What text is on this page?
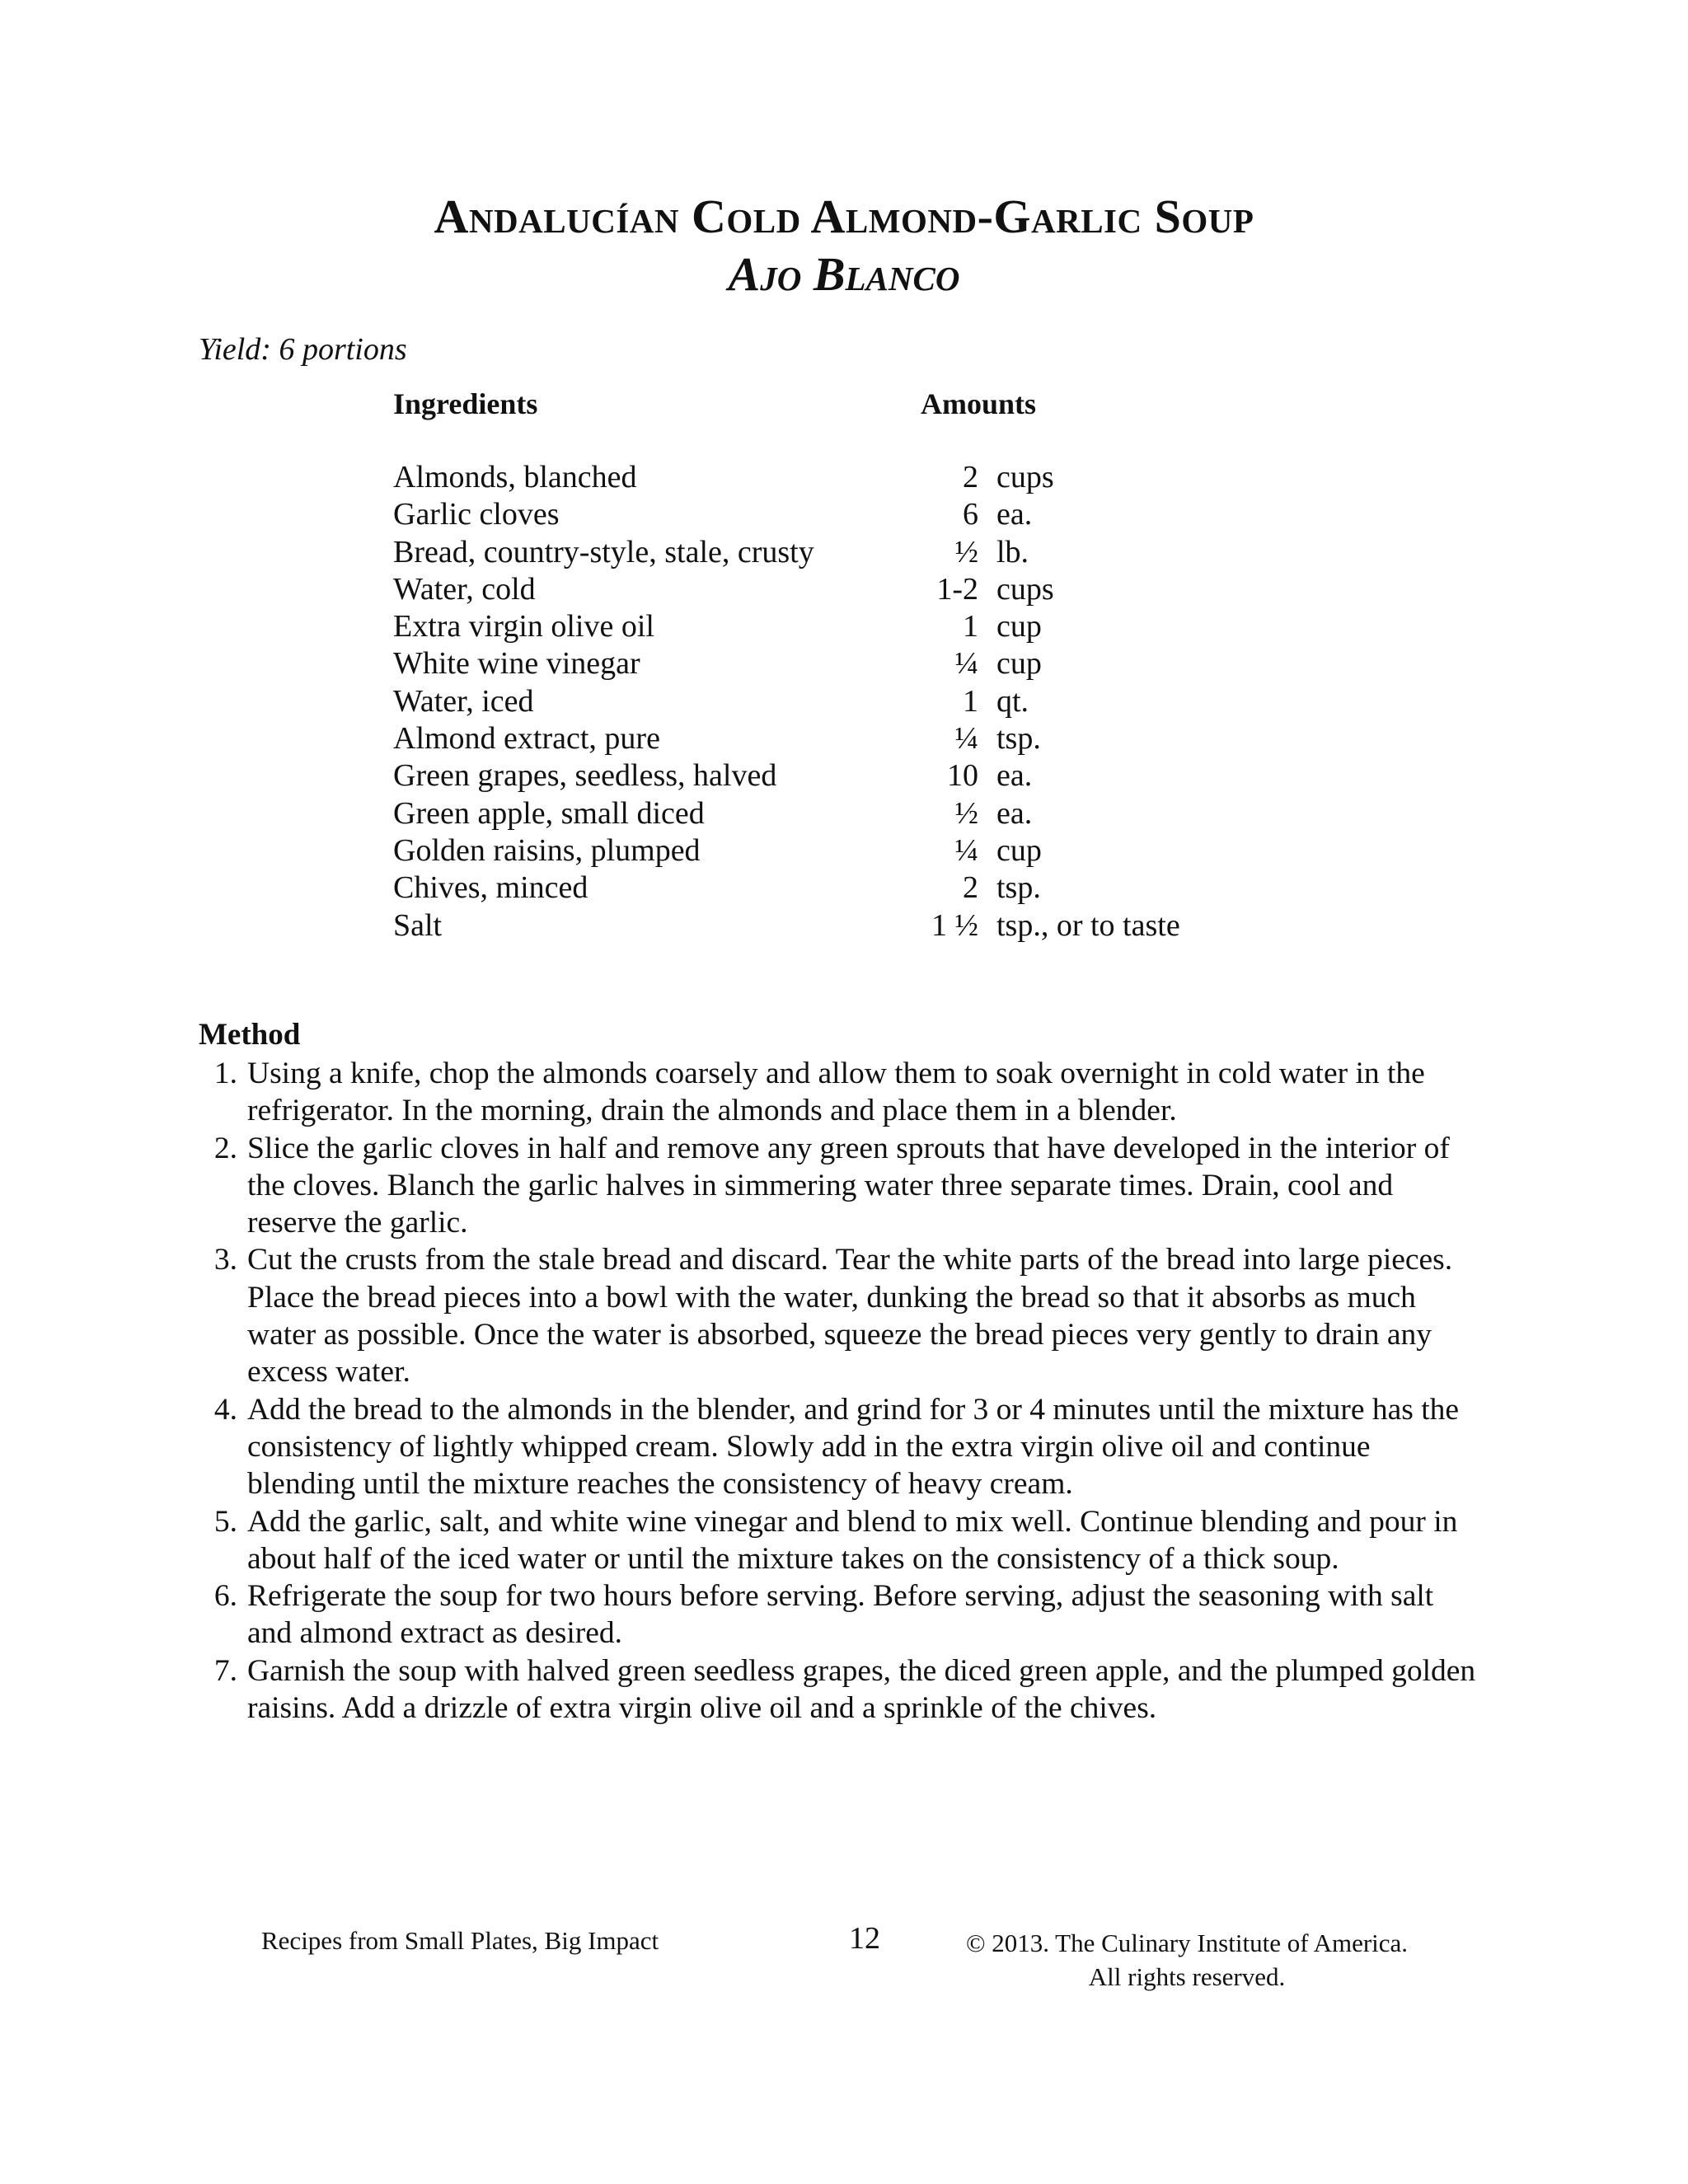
Andalucían Cold Almond-Garlic Soup

Ajo Blanco

Yield: 6 portions
Ingredients	Amounts
Almonds, blanched	2 cups
Garlic cloves	6 ea.
Bread, country-style, stale, crusty	½ lb.
Water, cold	1-2 cups
Extra virgin olive oil	1 cup
White wine vinegar	¼ cup
Water, iced	1 qt.
Almond extract, pure	¼ tsp.
Green grapes, seedless, halved	10 ea.
Green apple, small diced	½ ea.
Golden raisins, plumped	¼ cup
Chives, minced	2 tsp.
Salt	1 ½ tsp., or to taste
Method
1. Using a knife, chop the almonds coarsely and allow them to soak overnight in cold water in the refrigerator. In the morning, drain the almonds and place them in a blender.
2. Slice the garlic cloves in half and remove any green sprouts that have developed in the interior of the cloves. Blanch the garlic halves in simmering water three separate times. Drain, cool and reserve the garlic.
3. Cut the crusts from the stale bread and discard. Tear the white parts of the bread into large pieces. Place the bread pieces into a bowl with the water, dunking the bread so that it absorbs as much water as possible. Once the water is absorbed, squeeze the bread pieces very gently to drain any excess water.
4. Add the bread to the almonds in the blender, and grind for 3 or 4 minutes until the mixture has the consistency of lightly whipped cream. Slowly add in the extra virgin olive oil and continue blending until the mixture reaches the consistency of heavy cream.
5. Add the garlic, salt, and white wine vinegar and blend to mix well. Continue blending and pour in about half of the iced water or until the mixture takes on the consistency of a thick soup.
6. Refrigerate the soup for two hours before serving. Before serving, adjust the seasoning with salt and almond extract as desired.
7. Garnish the soup with halved green seedless grapes, the diced green apple, and the plumped golden raisins. Add a drizzle of extra virgin olive oil and a sprinkle of the chives.
Recipes from Small Plates, Big Impact	12	© 2013. The Culinary Institute of America.
All rights reserved.
